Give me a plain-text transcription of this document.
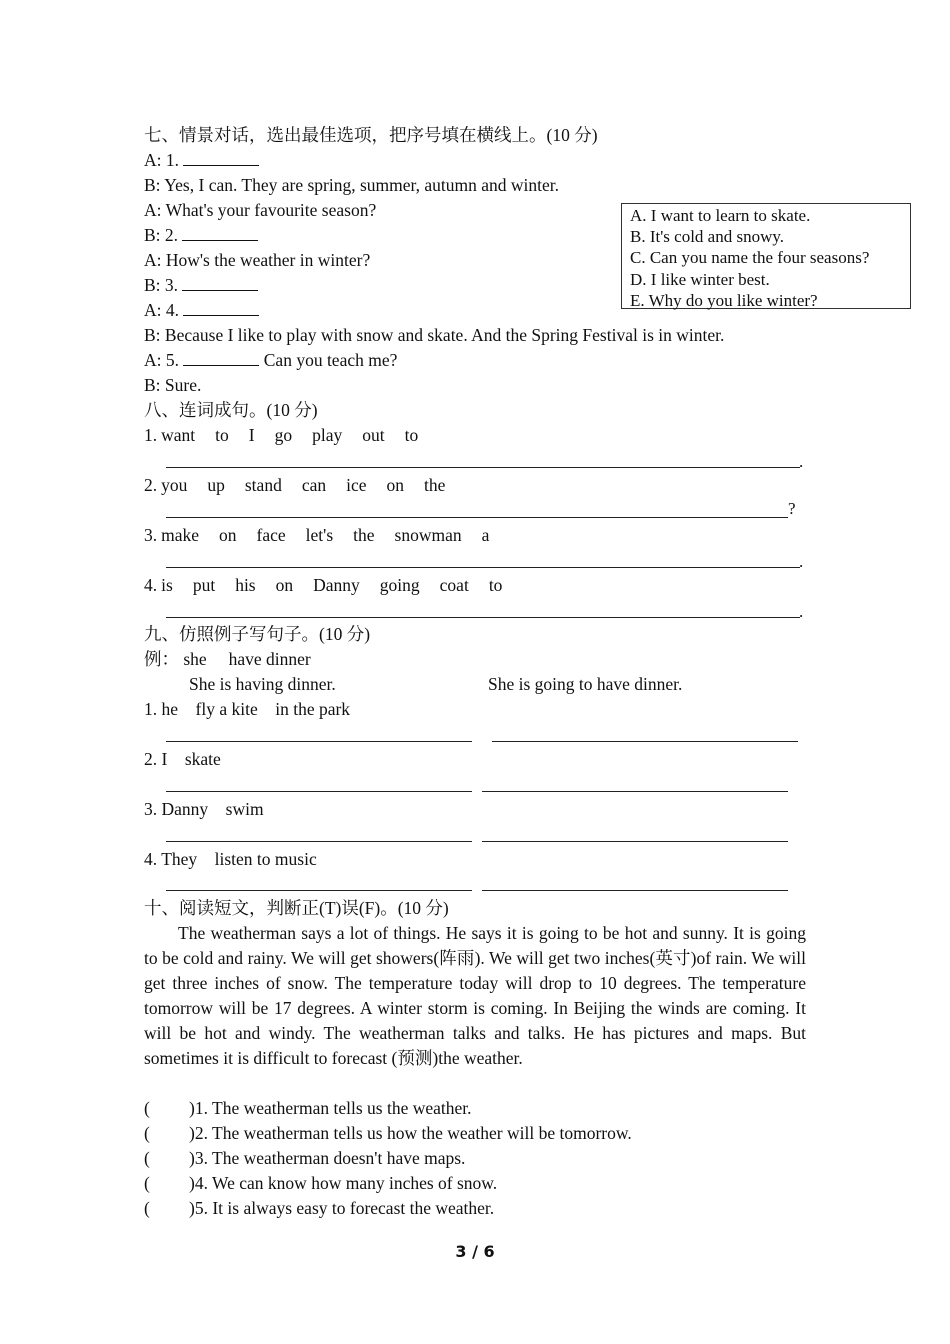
七、情景对话，选出最佳选项，把序号填在横线上。(10 分)
A: 1.
B: Yes, I can. They are spring, summer, autumn and winter.
A: What's your favourite season?
B: 2.
A: How's the weather in winter?
B: 3.
A: 4.
B: Because I like to play with snow and skate. And the Spring Festival is in winter.
A: 5.	Can you teach me?
B: Sure.
A. I want to learn to skate.
B. It's cold and snowy.
C. Can you name the four seasons?
D. I like winter best.
E. Why do you like winter?
八、连词成句。(10 分)
1. want to I go play out to
.
2. you up stand can ice on the
?
3. make on face let's the snowman a
.
4. is put his on Danny going coat to
.
九、仿照例子写句子。(10 分)
例： she     have dinner
She is having dinner.	She is going to have dinner.
1. he    fly a kite    in the park
2. I    skate
3. Danny    swim
4. They    listen to music
十、阅读短文，判断正(T)误(F)。(10 分)
The weatherman says a lot of things. He says it is going to be hot and sunny. It is going to be cold and rainy. We will get showers(阵雨). We will get two inches(英寸)of rain. We will get three inches of snow. The temperature today will drop to 10 degrees. The temperature tomorrow will be 17 degrees. A winter storm is coming. In Beijing the winds are coming. It will be hot and windy. The weatherman talks and talks. He has pictures and maps. But sometimes it is difficult to forecast (预测)the weather.
( )1. The weatherman tells us the weather.
( )2. The weatherman tells us how the weather will be tomorrow.
( )3. The weatherman doesn't have maps.
( )4. We can know how many inches of snow.
( )5. It is always easy to forecast the weather.
3 / 6
